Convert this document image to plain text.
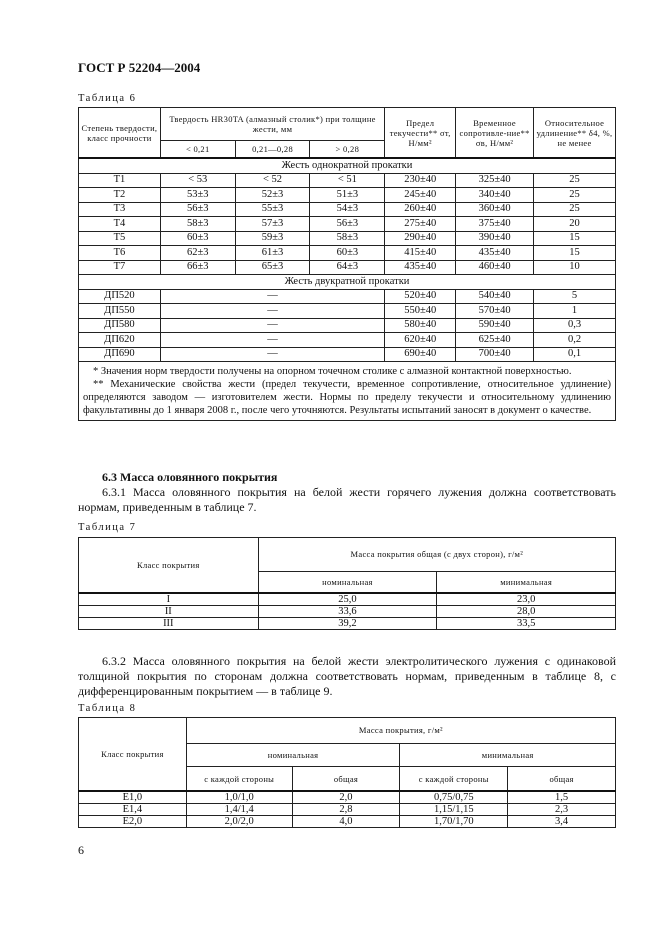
ГОСТ Р 52204—2004
Таблица 6
Степень твердости, класс прочности	Твердость HR30TA (алмазный столик*) при толщине жести, мм			Предел текучести** σт, Н/мм²	Временное сопротивле-ние** σв, Н/мм²	Относительное удлинение** δ4, %, не менее
	< 0,21	0,21—0,28	> 0,28			
Жесть однократной прокатки						
Т1	< 53	< 52	< 51	230±40	325±40	25
Т2	53±3	52±3	51±3	245±40	340±40	25
Т3	56±3	55±3	54±3	260±40	360±40	25
Т4	58±3	57±3	56±3	275±40	375±40	20
Т5	60±3	59±3	58±3	290±40	390±40	15
Т6	62±3	61±3	60±3	415±40	435±40	15
Т7	66±3	65±3	64±3	435±40	460±40	10
Жесть двукратной прокатки						
ДП520	—			520±40	540±40	5
ДП550	—			550±40	570±40	1
ДП580	—			580±40	590±40	0,3
ДП620	—			620±40	625±40	0,2
ДП690	—			690±40	700±40	0,1

* Значения норм твердости получены на опорном точечном столике с алмазной контактной поверхностью.

** Механические свойства жести (предел текучести, временное сопротивление, относительное удлинение) определяются заводом — изготовителем жести. Нормы по пределу текучести и относительному удлинению факультативны до 1 января 2008 г., после чего уточняются. Результаты испытаний заносят в документ о качестве.						

6.3 Масса оловянного покрытия

6.3.1 Масса оловянного покрытия на белой жести горячего лужения должна соответствовать нормам, приведенным в таблице 7.

Таблица 7
Класс покрытия	Масса покрытия общая (с двух сторон), г/м²	
	номинальная	минимальная
I	25,0	23,0
II	33,6	28,0
III	39,2	33,5

6.3.2 Масса оловянного покрытия на белой жести электролитического лужения с одинаковой толщиной покрытия по сторонам должна соответствовать нормам, приведенным в таблице 8, с дифференцированным покрытием — в таблице 9.

Таблица 8
Класс покрытия	Масса покрытия, г/м²			
	номинальная		минимальная	
	с каждой стороны	общая	с каждой стороны	общая
Е1,0	1,0/1,0	2,0	0,75/0,75	1,5
Е1,4	1,4/1,4	2,8	1,15/1,15	2,3
Е2,0	2,0/2,0	4,0	1,70/1,70	3,4
6
